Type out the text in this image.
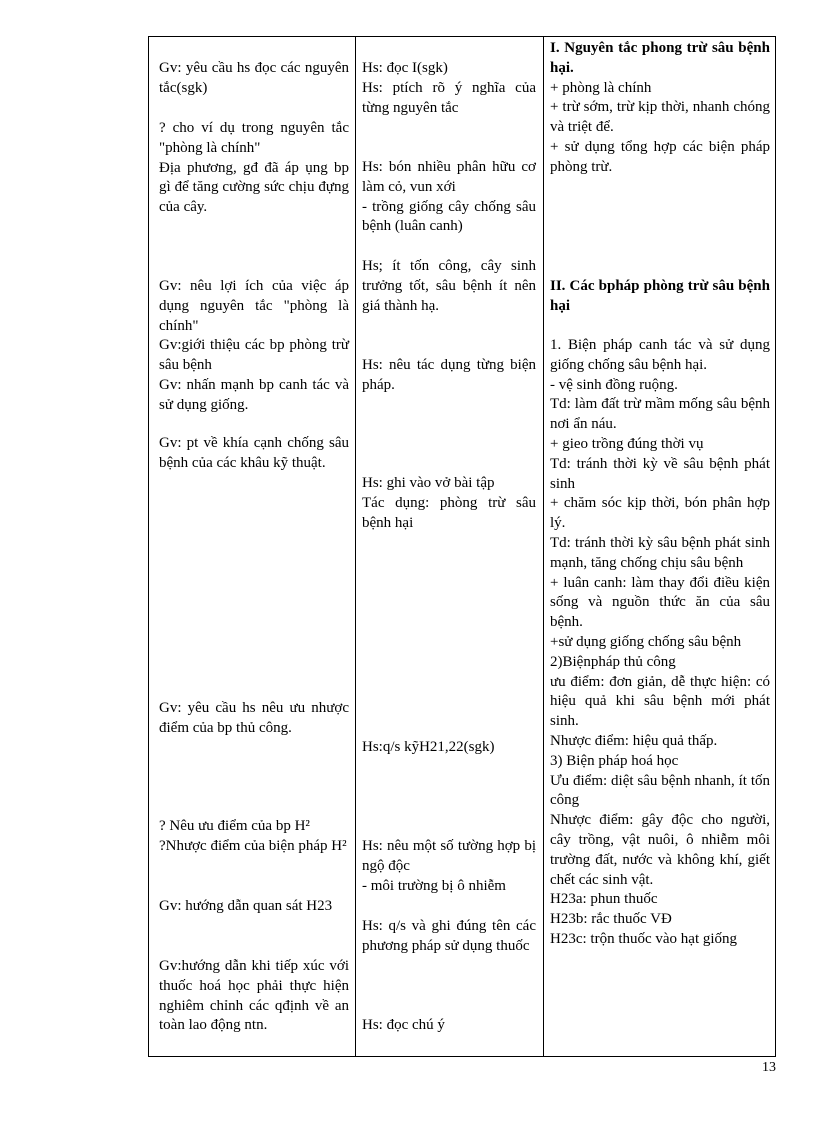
Gv: yêu cầu hs đọc các nguyên tắc(sgk)

? cho ví dụ trong nguyên tắc "phòng là chính"

Địa phương, gđ đã áp ụng bp gì để tăng cường sức chịu đựng của cây.

Gv: nêu lợi ích của việc áp dụng nguyên tắc "phòng là chính"

Gv:giới thiệu các bp phòng trừ sâu bệnh

Gv: nhấn mạnh bp canh tác và sử dụng giống.

Gv: pt về khía cạnh chống sâu bệnh của các khâu kỹ thuật.

Gv: yêu cầu hs nêu ưu nhược điểm của bp thủ công.

? Nêu ưu điểm của bp H²

?Nhược điểm của biện pháp H²

Gv: hướng dẫn quan sát H23

Gv:hướng dẫn khi tiếp xúc với thuốc hoá học phải thực hiện nghiêm chỉnh các qđịnh về an toàn lao động ntn.

Hs: đọc I(sgk)

Hs: ptích rõ ý nghĩa của từng nguyên tắc

Hs: bón nhiều phân hữu cơ làm cỏ, vun xới

- trồng giống cây chống sâu bệnh (luân canh)

Hs; ít tốn công, cây sinh trưởng tốt, sâu bệnh ít nên giá thành hạ.

Hs: nêu tác dụng từng biện pháp.

Hs: ghi vào vở bài tập

Tác dụng: phòng trừ sâu bệnh hại

Hs:q/s kỹH21,22(sgk)

Hs: nêu một số tường hợp bị ngộ độc

- môi trường bị ô nhiễm

Hs: q/s và ghi đúng tên các phương pháp sử dụng thuốc

Hs: đọc chú ý

I. Nguyên tắc phong trừ sâu bệnh hại.

+ phòng là chính

+ trừ sớm, trừ kịp thời, nhanh chóng và triệt để.

+ sử dụng tổng hợp các biện pháp phòng trừ.

II. Các bpháp phòng trừ sâu bệnh hại

1. Biện pháp canh tác và sử dụng giống chống sâu bệnh hại.

- vệ sinh đồng ruộng.

Td: làm đất trừ mầm mống sâu bệnh nơi ẩn náu.

+ gieo trồng đúng thời vụ

Td: tránh thời kỳ về sâu bệnh phát sinh

+ chăm sóc kịp thời, bón phân hợp lý.

Td: tránh thời kỳ sâu bệnh phát sinh mạnh, tăng chống chịu sâu bệnh

+ luân canh: làm thay đổi điều kiện sống và nguồn thức ăn của sâu bệnh.

+sử dụng giống chống sâu bệnh

2)Biệnpháp thủ công

ưu điểm: đơn giản, dễ thực hiện: có hiệu quả khi sâu bệnh mới phát sinh.

Nhược điểm: hiệu quả thấp.

3) Biện pháp hoá học

Ưu điểm: diệt sâu bệnh nhanh, ít tốn công

Nhược điểm: gây độc cho người, cây trồng, vật nuôi, ô nhiễm môi trường đất, nước và không khí, giết chết các sinh vật.

H23a: phun thuốc

H23b: rắc thuốc VĐ

H23c: trộn thuốc vào hạt giống

13
